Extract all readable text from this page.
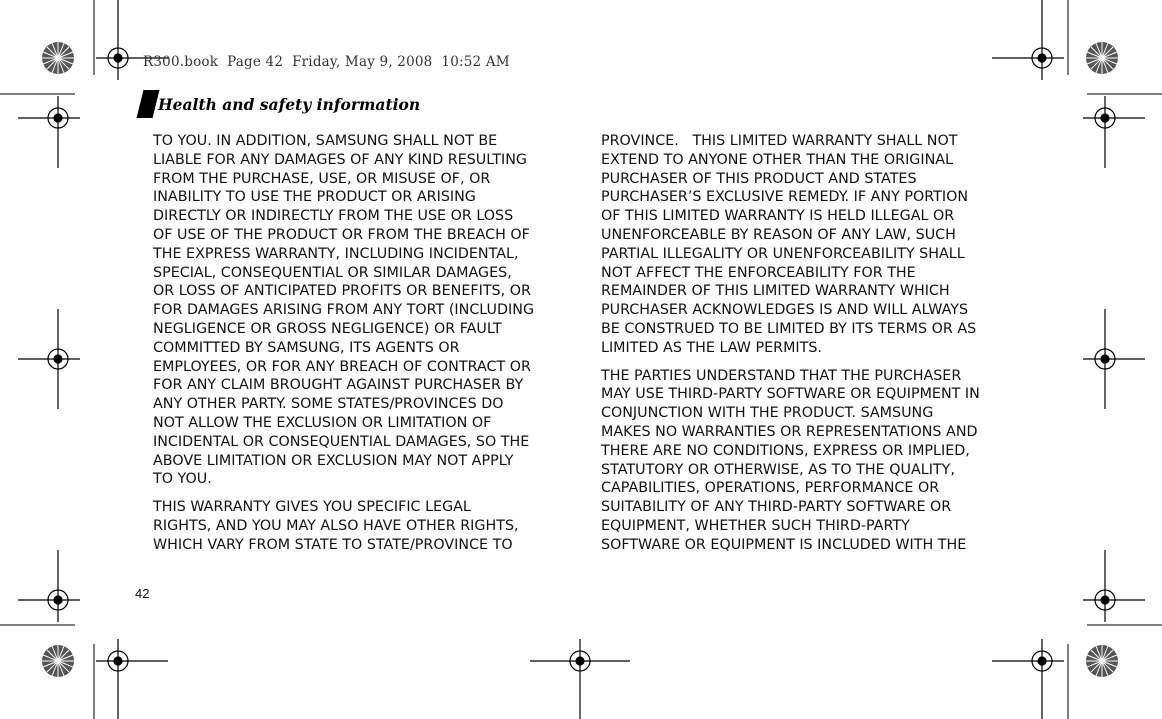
R300.book  Page 42  Friday, May 9, 2008  10:52 AM
Health and safety information

TO YOU. IN ADDITION, SAMSUNG SHALL NOT BE
LIABLE FOR ANY DAMAGES OF ANY KIND RESULTING
FROM THE PURCHASE, USE, OR MISUSE OF, OR
INABILITY TO USE THE PRODUCT OR ARISING
DIRECTLY OR INDIRECTLY FROM THE USE OR LOSS
OF USE OF THE PRODUCT OR FROM THE BREACH OF
THE EXPRESS WARRANTY, INCLUDING INCIDENTAL,
SPECIAL, CONSEQUENTIAL OR SIMILAR DAMAGES,
OR LOSS OF ANTICIPATED PROFITS OR BENEFITS, OR
FOR DAMAGES ARISING FROM ANY TORT (INCLUDING
NEGLIGENCE OR GROSS NEGLIGENCE) OR FAULT
COMMITTED BY SAMSUNG, ITS AGENTS OR
EMPLOYEES, OR FOR ANY BREACH OF CONTRACT OR
FOR ANY CLAIM BROUGHT AGAINST PURCHASER BY
ANY OTHER PARTY. SOME STATES/PROVINCES DO
NOT ALLOW THE EXCLUSION OR LIMITATION OF
INCIDENTAL OR CONSEQUENTIAL DAMAGES, SO THE
ABOVE LIMITATION OR EXCLUSION MAY NOT APPLY
TO YOU.

THIS WARRANTY GIVES YOU SPECIFIC LEGAL
RIGHTS, AND YOU MAY ALSO HAVE OTHER RIGHTS,
WHICH VARY FROM STATE TO STATE/PROVINCE TO

PROVINCE.   THIS LIMITED WARRANTY SHALL NOT
EXTEND TO ANYONE OTHER THAN THE ORIGINAL
PURCHASER OF THIS PRODUCT AND STATES
PURCHASER’S EXCLUSIVE REMEDY. IF ANY PORTION
OF THIS LIMITED WARRANTY IS HELD ILLEGAL OR
UNENFORCEABLE BY REASON OF ANY LAW, SUCH
PARTIAL ILLEGALITY OR UNENFORCEABILITY SHALL
NOT AFFECT THE ENFORCEABILITY FOR THE
REMAINDER OF THIS LIMITED WARRANTY WHICH
PURCHASER ACKNOWLEDGES IS AND WILL ALWAYS
BE CONSTRUED TO BE LIMITED BY ITS TERMS OR AS
LIMITED AS THE LAW PERMITS.

THE PARTIES UNDERSTAND THAT THE PURCHASER
MAY USE THIRD-PARTY SOFTWARE OR EQUIPMENT IN
CONJUNCTION WITH THE PRODUCT. SAMSUNG
MAKES NO WARRANTIES OR REPRESENTATIONS AND
THERE ARE NO CONDITIONS, EXPRESS OR IMPLIED,
STATUTORY OR OTHERWISE, AS TO THE QUALITY,
CAPABILITIES, OPERATIONS, PERFORMANCE OR
SUITABILITY OF ANY THIRD-PARTY SOFTWARE OR
EQUIPMENT, WHETHER SUCH THIRD-PARTY
SOFTWARE OR EQUIPMENT IS INCLUDED WITH THE

42
